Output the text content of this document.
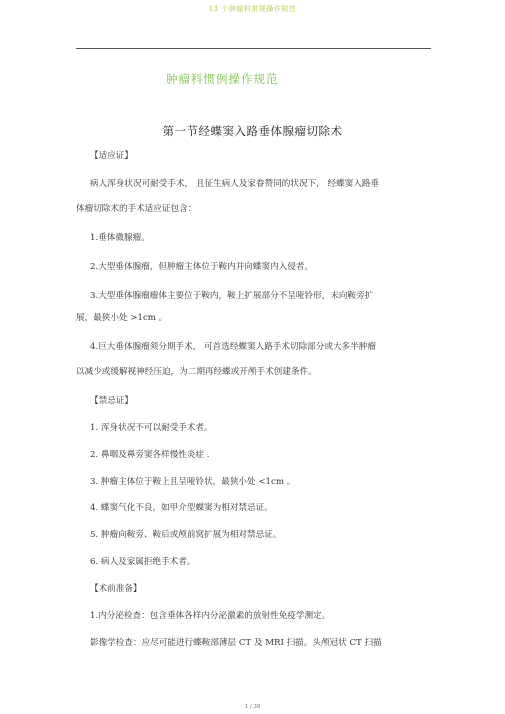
13 个肿瘤科常规操作规范
肿瘤科惯例操作规范
第一节经蝶窦入路垂体腺瘤切除术
【适应证】
病人浑身状况可耐受手术， 且征生病人及家眷赞同的状况下， 经蝶窦入路垂
体瘤切除术的手术适应证包含：
1.垂体微腺瘤。
2.大型垂体腺瘤，但肿瘤主体位于鞍内并向蝶窦内入侵者。
3.大型垂体腺瘤瘤体主要位于鞍内，鞍上扩展部分不呈哑铃形，未向鞍旁扩
展，最狭小处 >1cm 。
4.巨大垂体腺瘤须分期手术， 可首选经蝶窦人路手术切除部分或大多半肿瘤
以减少或缓解视神经压迫，为二期再经蝶或开颅手术创建条件。
【禁忌证】
1. 浑身状况不可以耐受手术者。
2. 鼻咽及鼻旁窦各样慢性炎症 .
3. 肿瘤主体位于鞍上且呈哑铃状，最狭小处 <1cm 。
4. 蝶窦气化不良，如甲介型蝶窦为相对禁忌证。
5. 肿瘤向鞍旁、鞍后或颅前窝扩展为相对禁忌证。
6. 病人及家属拒绝手术者。
【术前准备】
1.内分泌检查：包含垂体各样内分泌激素的放射性免疫学测定。
影像学检查：应尽可能进行蝶鞍部薄层 CT 及 MRI 扫描。头颅冠状 CT 扫描
1 / 39
